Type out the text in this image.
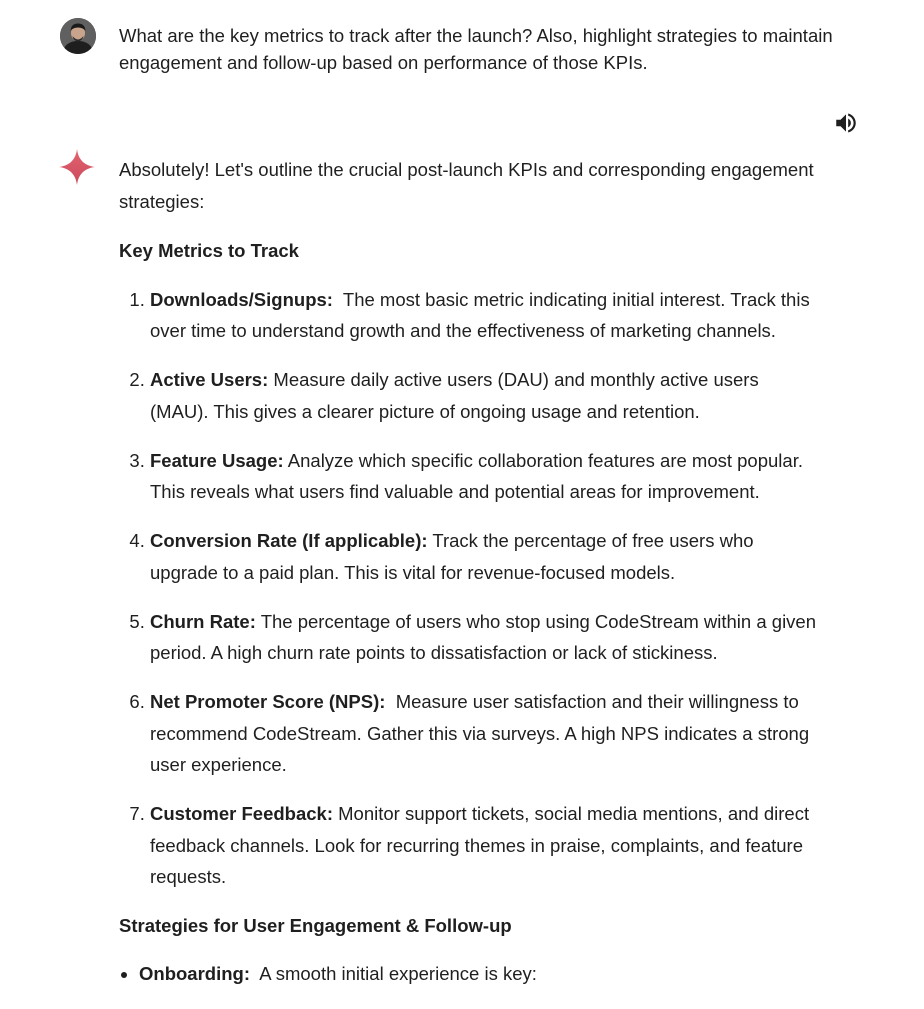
What are the key metrics to track after the launch? Also, highlight strategies to maintain engagement and follow-up based on performance of those KPIs.

Absolutely! Let's outline the crucial post-launch KPIs and corresponding engagement strategies:

Key Metrics to Track

1. Downloads/Signups: The most basic metric indicating initial interest. Track this over time to understand growth and the effectiveness of marketing channels.
2. Active Users: Measure daily active users (DAU) and monthly active users (MAU). This gives a clearer picture of ongoing usage and retention.
3. Feature Usage: Analyze which specific collaboration features are most popular. This reveals what users find valuable and potential areas for improvement.
4. Conversion Rate (If applicable): Track the percentage of free users who upgrade to a paid plan. This is vital for revenue-focused models.
5. Churn Rate: The percentage of users who stop using CodeStream within a given period. A high churn rate points to dissatisfaction or lack of stickiness.
6. Net Promoter Score (NPS): Measure user satisfaction and their willingness to recommend CodeStream. Gather this via surveys. A high NPS indicates a strong user experience.
7. Customer Feedback: Monitor support tickets, social media mentions, and direct feedback channels. Look for recurring themes in praise, complaints, and feature requests.

Strategies for User Engagement & Follow-up

• Onboarding: A smooth initial experience is key:
